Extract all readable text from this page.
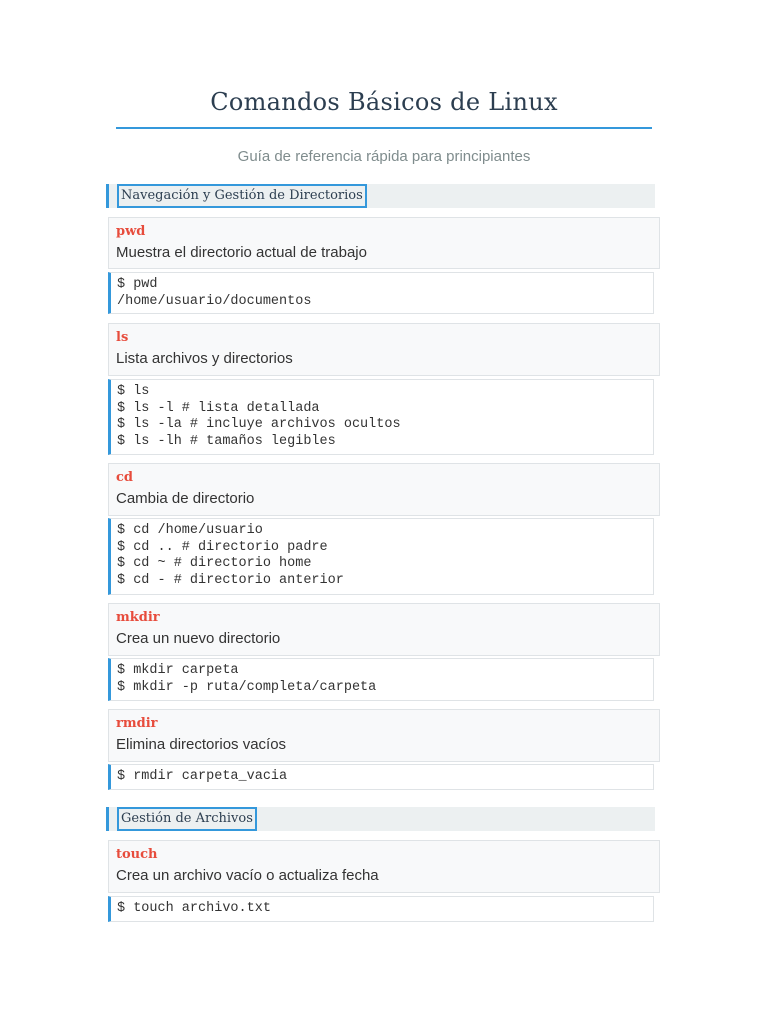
Comandos Básicos de Linux
Guía de referencia rápida para principiantes
Navegación y Gestión de Directorios
pwd
Muestra el directorio actual de trabajo
$ pwd
/home/usuario/documentos
ls
Lista archivos y directorios
$ ls
$ ls -l # lista detallada
$ ls -la # incluye archivos ocultos
$ ls -lh # tamaños legibles
cd
Cambia de directorio
$ cd /home/usuario
$ cd .. # directorio padre
$ cd ~ # directorio home
$ cd - # directorio anterior
mkdir
Crea un nuevo directorio
$ mkdir carpeta
$ mkdir -p ruta/completa/carpeta
rmdir
Elimina directorios vacíos
$ rmdir carpeta_vacia
Gestión de Archivos
touch
Crea un archivo vacío o actualiza fecha
$ touch archivo.txt
